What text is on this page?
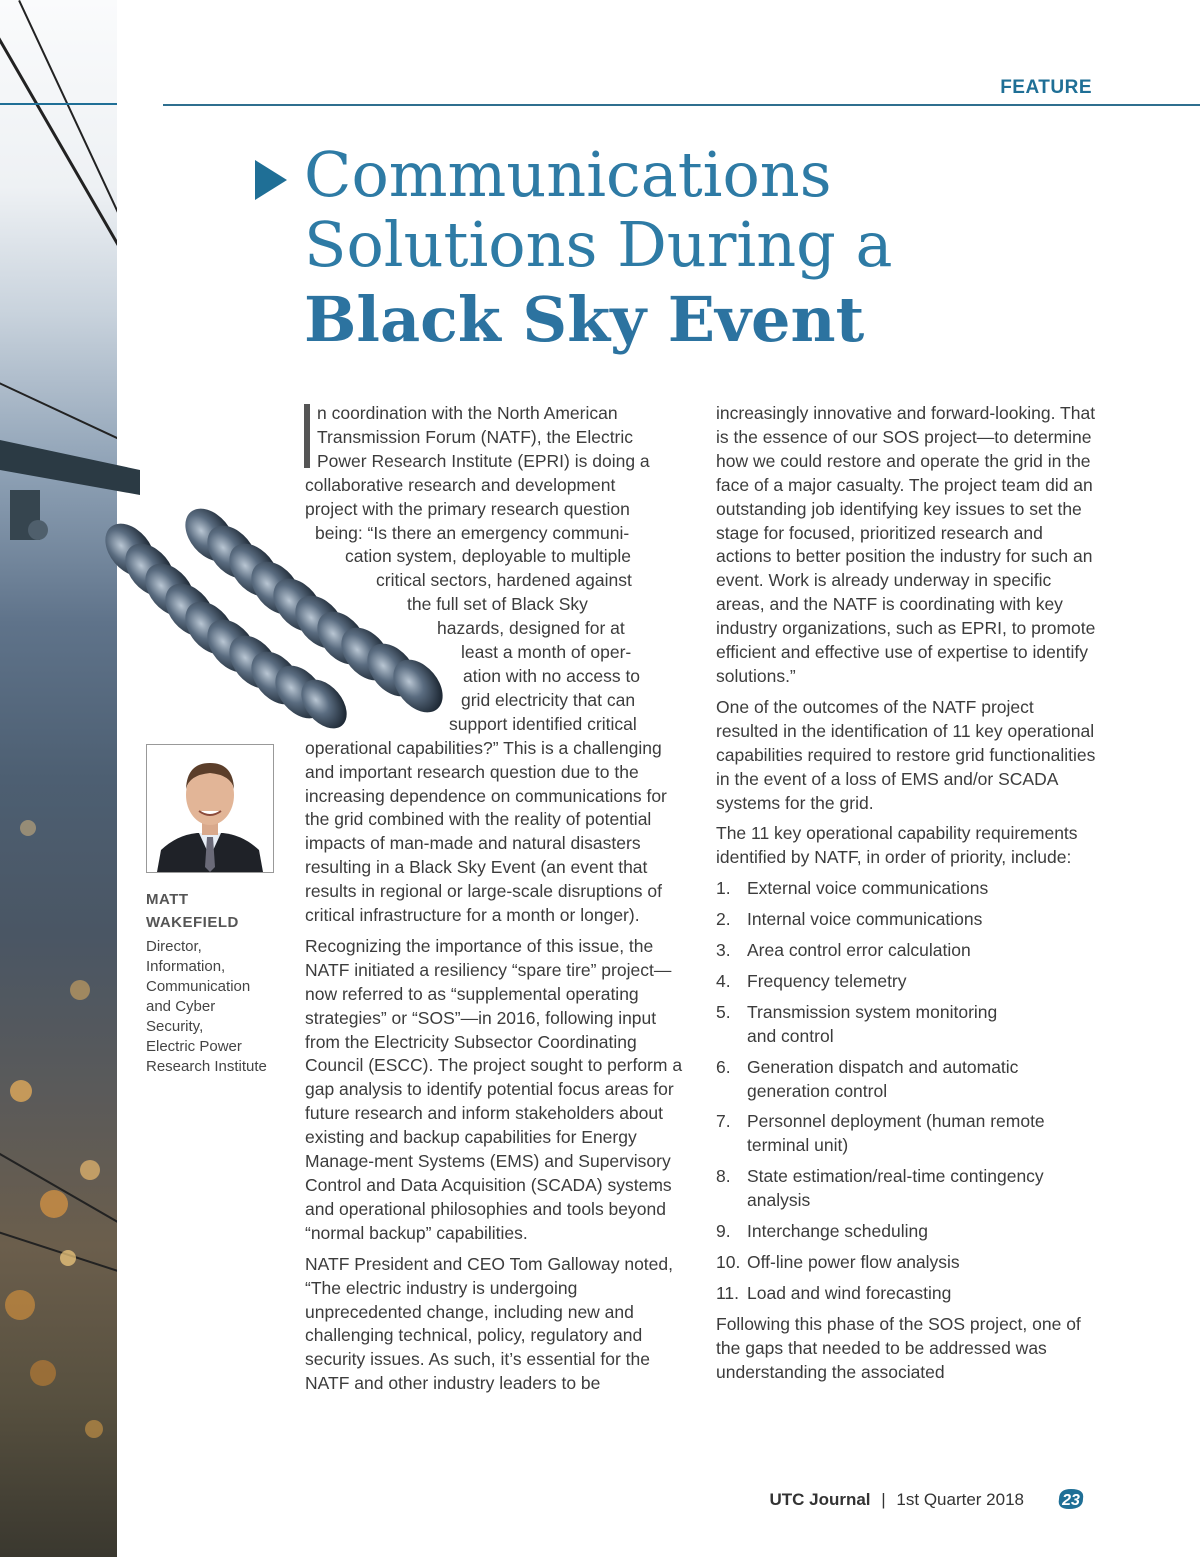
FEATURE
Communications
Solutions During a
Black Sky Event
n coordination with the North American
Transmission Forum (NATF), the Electric
Power Research Institute (EPRI) is doing a
collaborative research and development
project with the primary research question
being: “Is there an emergency communi-
cation system, deployable to multiple
critical sectors, hardened against
the full set of Black Sky
hazards, designed for at
least a month of oper-
ation with no access to
grid electricity that can
support identified critical

operational capabilities?” This is a challenging and important research question due to the increasing dependence on communications for the grid combined with the reality of potential impacts of man-made and natural disasters resulting in a Black Sky Event (an event that results in regional or large-scale disruptions of critical infrastructure for a month or longer).

Recognizing the importance of this issue, the NATF initiated a resiliency “spare tire” project—now referred to as “supplemental operating strategies” or “SOS”—in 2016, following input from the Electricity Subsector Coordinating Council (ESCC). The project sought to perform a gap analysis to identify potential focus areas for future research and inform stakeholders about existing and backup capabilities for Energy Manage-ment Systems (EMS) and Supervisory Control and Data Acquisition (SCADA) systems and operational philosophies and tools beyond “normal backup” capabilities.

NATF President and CEO Tom Galloway noted, “The electric industry is undergoing unprecedented change, including new and challenging technical, policy, regulatory and security issues. As such, it’s essential for the NATF and other industry leaders to be

MATT
WAKEFIELD
Director,
Information,
Communication
and Cyber
Security,
Electric Power
Research Institute

increasingly innovative and forward-looking. That is the essence of our SOS project—to determine how we could restore and operate the grid in the face of a major casualty. The project team did an outstanding job identifying key issues to set the stage for focused, prioritized research and actions to better position the industry for such an event. Work is already underway in specific areas, and the NATF is coordinating with key industry organizations, such as EPRI, to promote efficient and effective use of expertise to identify solutions.”

One of the outcomes of the NATF project resulted in the identification of 11 key operational capabilities required to restore grid functionalities in the event of a loss of EMS and/or SCADA systems for the grid.

The 11 key operational capability requirements identified by NATF, in order of priority, include:

1. External voice communications
2. Internal voice communications
3. Area control error calculation
4. Frequency telemetry
5. Transmission system monitoring and control
6. Generation dispatch and automatic generation control
7. Personnel deployment (human remote terminal unit)
8. State estimation/real-time contingency analysis
9. Interchange scheduling
10. Off-line power flow analysis
11. Load and wind forecasting

Following this phase of the SOS project, one of the gaps that needed to be addressed was understanding the associated

UTC Journal | 1st Quarter 2018 23
